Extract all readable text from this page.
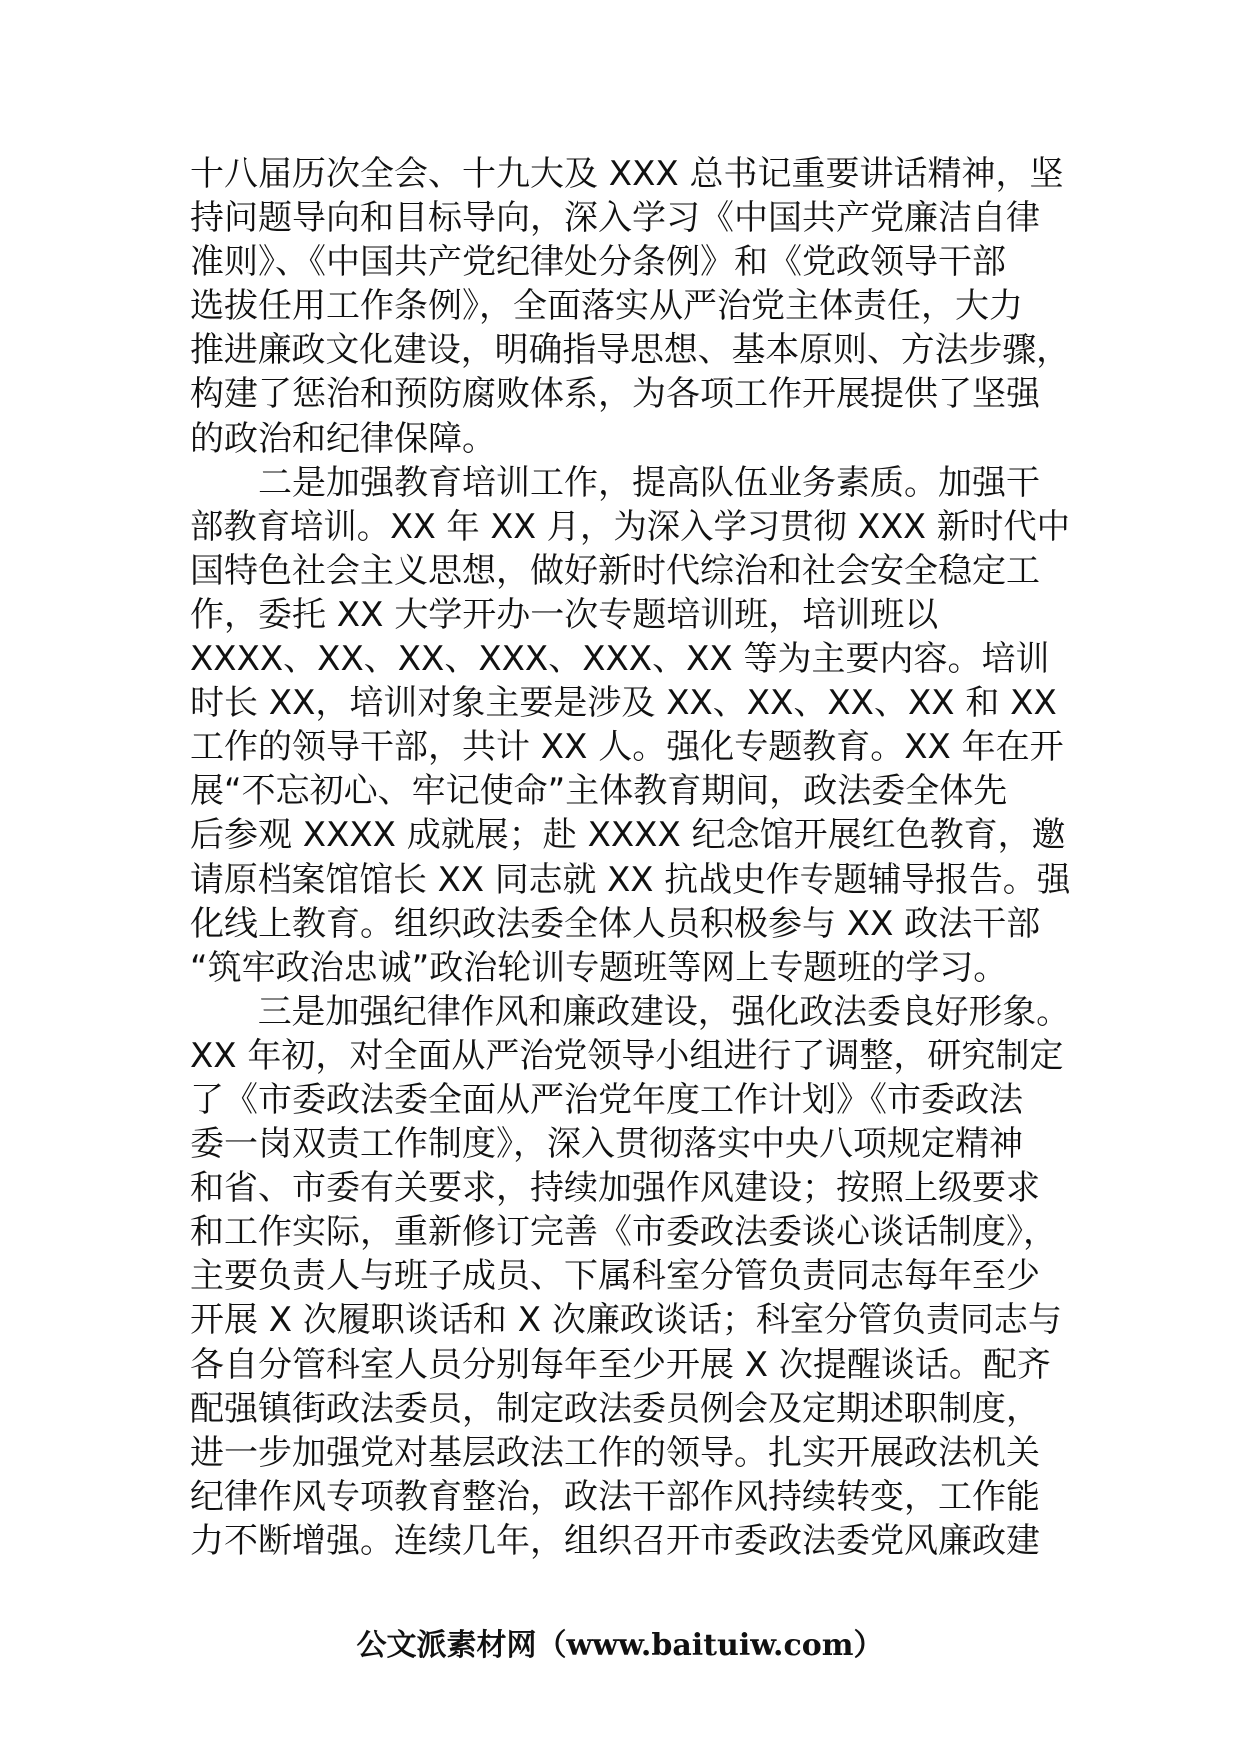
十八届历次全会、十九大及 XXX 总书记重要讲话精神，坚
持问题导向和目标导向，深入学习《中国共产党廉洁自律
准则》、《中国共产党纪律处分条例》和《党政领导干部
选拔任用工作条例》，全面落实从严治党主体责任，大力
推进廉政文化建设，明确指导思想、基本原则、方法步骤，
构建了惩治和预防腐败体系，为各项工作开展提供了坚强
的政治和纪律保障。
　　二是加强教育培训工作，提高队伍业务素质。加强干
部教育培训。XX 年 XX 月，为深入学习贯彻 XXX 新时代中
国特色社会主义思想，做好新时代综治和社会安全稳定工
作，委托 XX 大学开办一次专题培训班，培训班以
XXXX、XX、XX、XXX、XXX、XX 等为主要内容。培训
时长 XX，培训对象主要是涉及 XX、XX、XX、XX 和 XX
工作的领导干部，共计 XX 人。强化专题教育。XX 年在开
展“不忘初心、牢记使命”主体教育期间，政法委全体先
后参观 XXXX 成就展；赴 XXXX 纪念馆开展红色教育，邀
请原档案馆馆长 XX 同志就 XX 抗战史作专题辅导报告。强
化线上教育。组织政法委全体人员积极参与 XX 政法干部
“筑牢政治忠诚”政治轮训专题班等网上专题班的学习。
　　三是加强纪律作风和廉政建设，强化政法委良好形象。
XX 年初，对全面从严治党领导小组进行了调整，研究制定
了《市委政法委全面从严治党年度工作计划》《市委政法
委一岗双责工作制度》，深入贯彻落实中央八项规定精神
和省、市委有关要求，持续加强作风建设；按照上级要求
和工作实际，重新修订完善《市委政法委谈心谈话制度》，
主要负责人与班子成员、下属科室分管负责同志每年至少
开展 X 次履职谈话和 X 次廉政谈话；科室分管负责同志与
各自分管科室人员分别每年至少开展 X 次提醒谈话。配齐
配强镇街政法委员，制定政法委员例会及定期述职制度，
进一步加强党对基层政法工作的领导。扎实开展政法机关
纪律作风专项教育整治，政法干部作风持续转变，工作能
力不断增强。连续几年，组织召开市委政法委党风廉政建
公文派素材网（www.baituiw.com）
